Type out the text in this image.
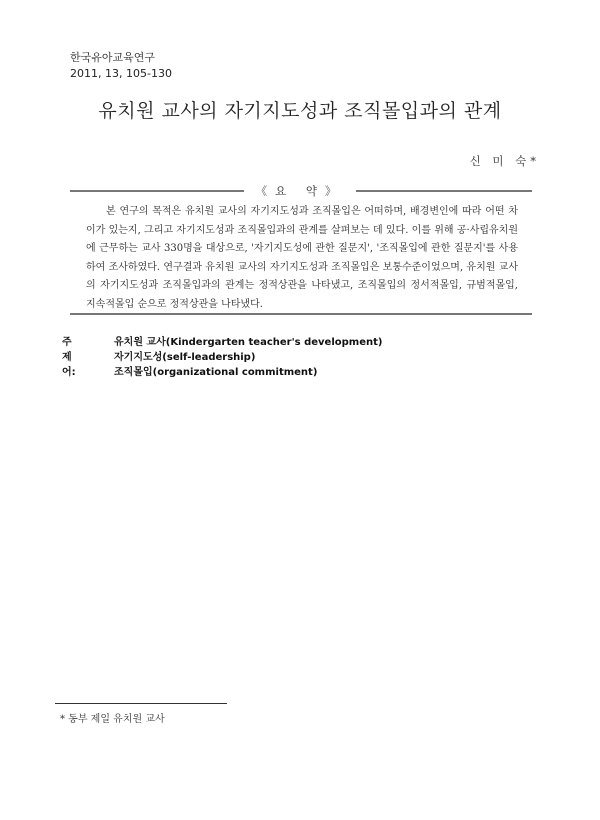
한국유아교육연구
2011, 13, 105-130
유치원 교사의 자기지도성과 조직몰입과의 관계
신 미 숙*
《요 약》
본 연구의 목적은 유치원 교사의 자기지도성과 조직몰입은 어떠하며, 배경변인에 따라 어떤 차이가 있는지, 그리고 자기지도성과 조직몰입과의 관계를 살펴보는 데 있다. 이를 위해 공·사립유치원에 근무하는 교사 330명을 대상으로, '자기지도성에 관한 질문지', '조직몰입에 관한 질문지'를 사용하여 조사하였다. 연구결과 유치원 교사의 자기지도성과 조직몰입은 보통수준이었으며, 유치원 교사의 자기지도성과 조직몰입과의 관계는 정적상관을 나타냈고, 조직몰입의 정서적몰입, 규범적몰입, 지속적몰입 순으로 정적상관을 나타냈다.
주제어:
유치원 교사(Kindergarten teacher's development)
자기지도성(self-leadership)
조직몰입(organizational commitment)
* 동부 제일 유치원 교사
